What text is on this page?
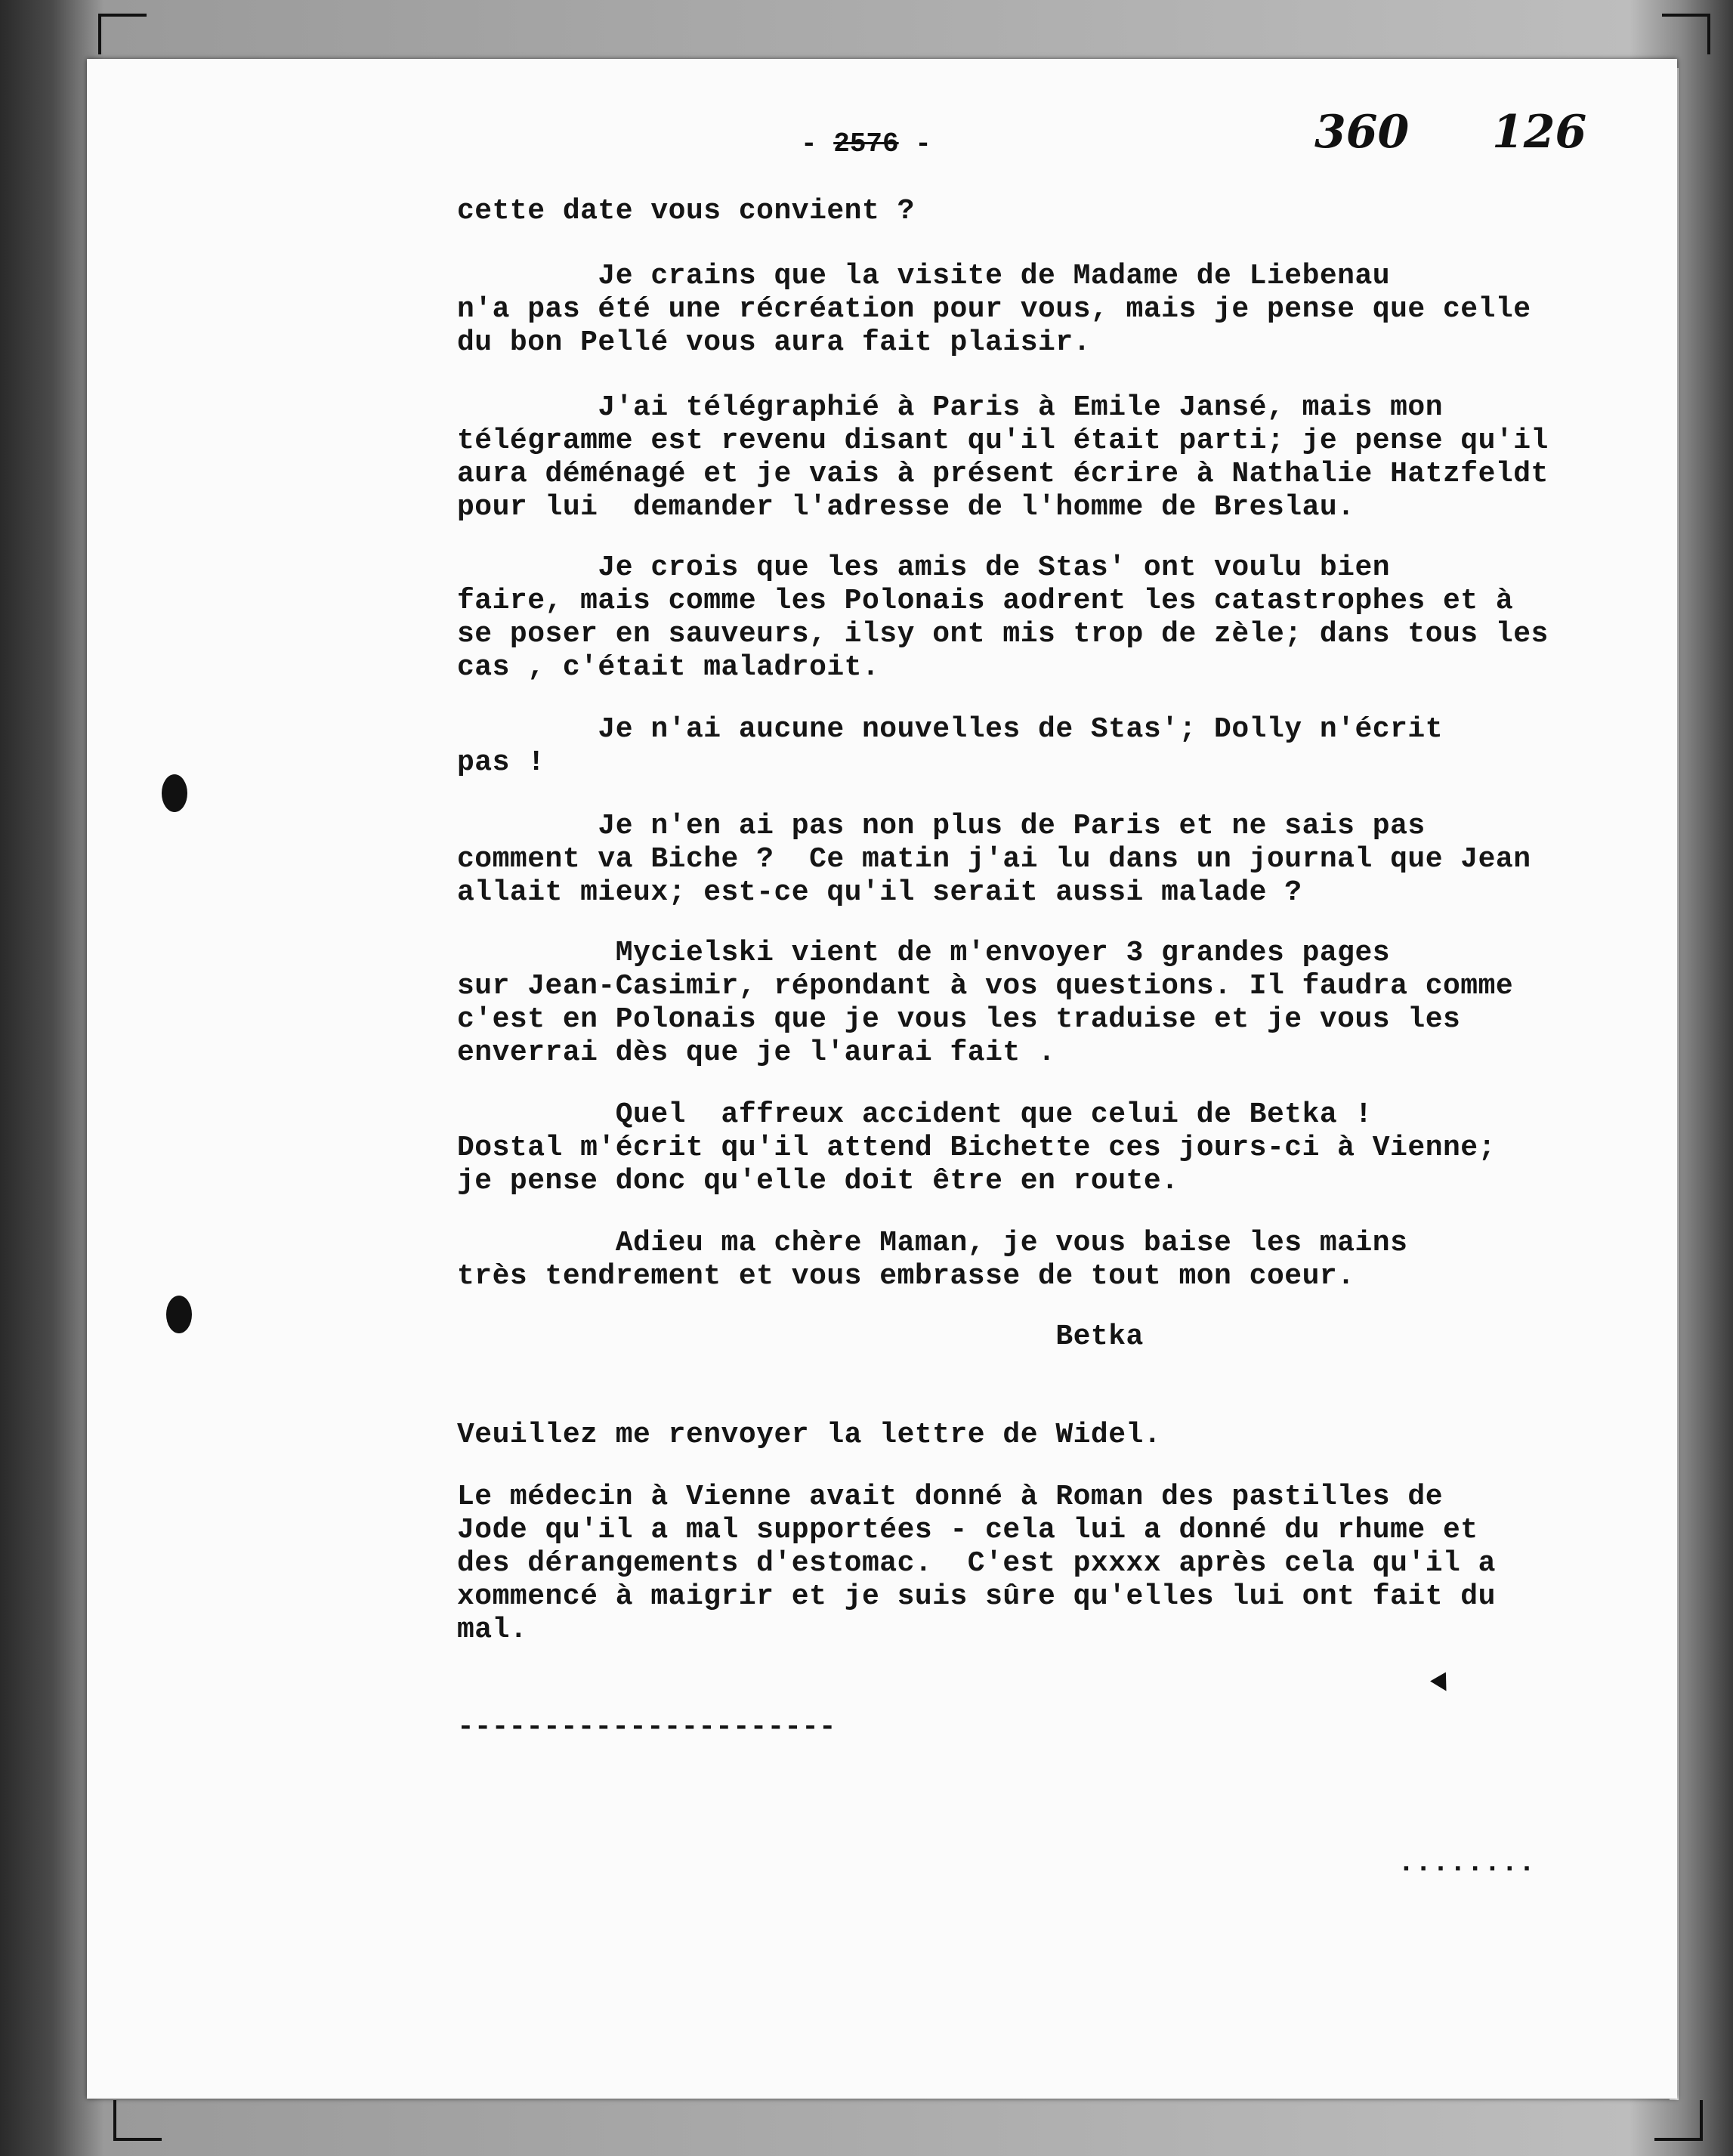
360 126
- 2576 -
cette date vous convient ?
Je crains que la visite de Madame de Liebenau
n'a pas été une récréation pour vous, mais je pense que celle
du bon Pellé vous aura fait plaisir.
J'ai télégraphié à Paris à Emile Jansé, mais mon
télégramme est revenu disant qu'il était parti; je pense qu'il
aura déménagé et je vais à présent écrire à Nathalie Hatzfeldt
pour lui  demander l'adresse de l'homme de Breslau.
Je crois que les amis de Stas' ont voulu bien
faire, mais comme les Polonais aodrent les catastrophes et à
se poser en sauveurs, ilsy ont mis trop de zèle; dans tous les
cas , c'était maladroit.
Je n'ai aucune nouvelles de Stas'; Dolly n'écrit
pas !
Je n'en ai pas non plus de Paris et ne sais pas
comment va Biche ?  Ce matin j'ai lu dans un journal que Jean
allait mieux; est-ce qu'il serait aussi malade ?
Mycielski vient de m'envoyer 3 grandes pages
sur Jean-Casimir, répondant à vos questions. Il faudra comme
c'est en Polonais que je vous les traduise et je vous les
enverrai dès que je l'aurai fait .
Quel  affreux accident que celui de Betka !
Dostal m'écrit qu'il attend Bichette ces jours-ci à Vienne;
je pense donc qu'elle doit être en route.
Adieu ma chère Maman, je vous baise les mains
très tendrement et vous embrasse de tout mon coeur.
Betka
Veuillez me renvoyer la lettre de Widel.
Le médecin à Vienne avait donné à Roman des pastilles de
Jode qu'il a mal supportées - cela lui a donné du rhume et
des dérangements d'estomac.  C'est pxxxx après cela qu'il a
xommencé à maigrir et je suis sûre qu'elles lui ont fait du
mal.
----------------------
........
